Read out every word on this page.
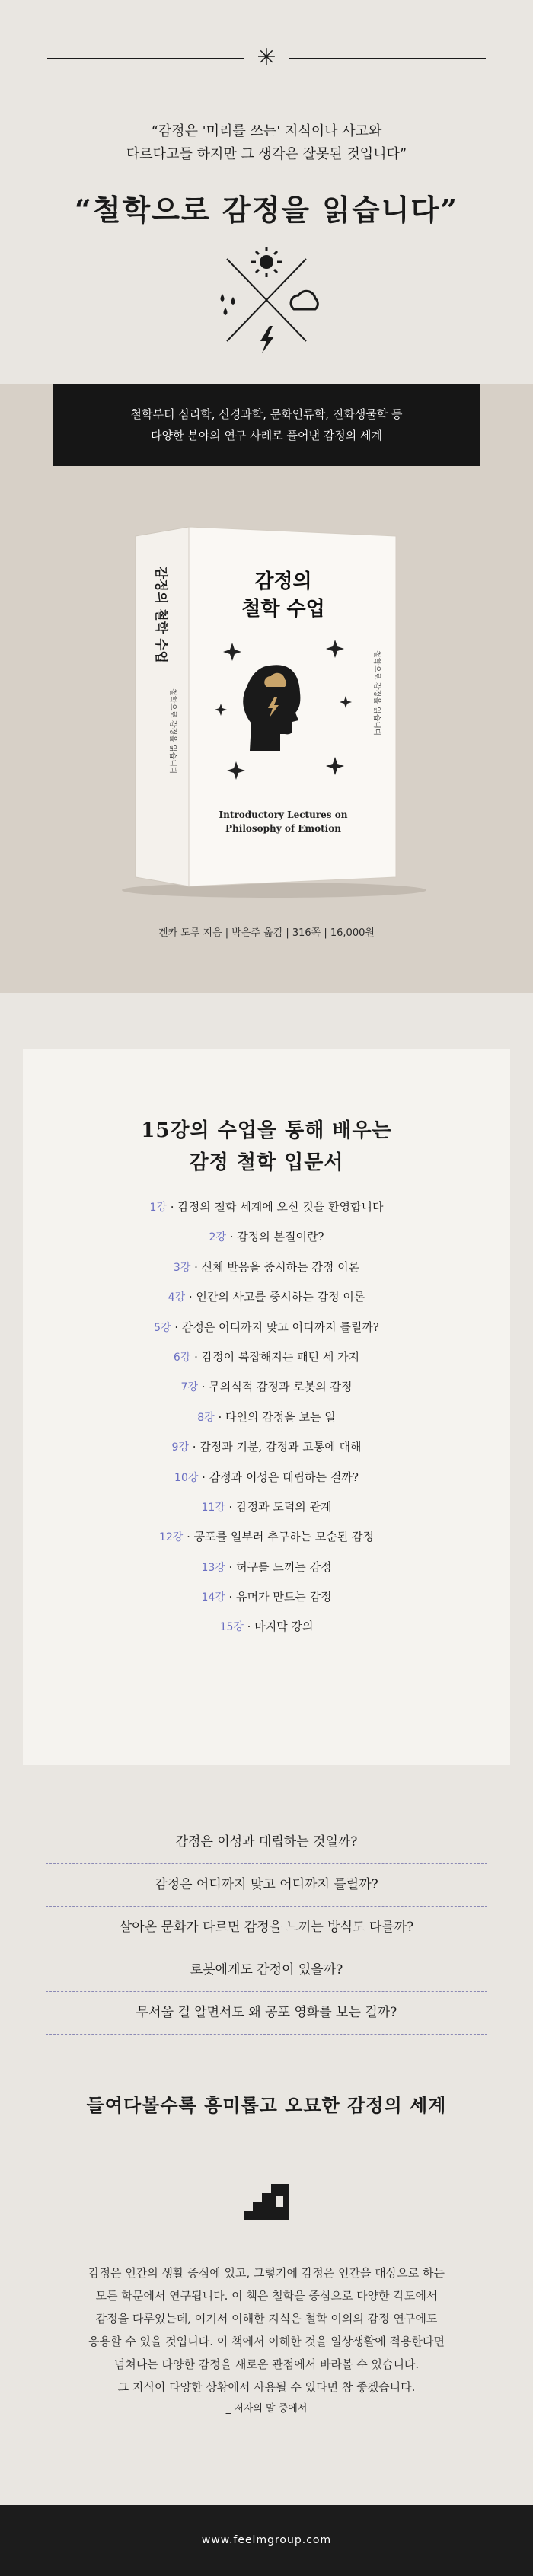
✳
“감정은 '머리를 쓰는' 지식이나 사고와
다르다고들 하지만 그 생각은 잘못된 것입니다”
“철학으로 감정을 읽습니다”
철학부터 심리학, 신경과학, 문화인류학, 진화생물학 등
다양한 분야의 연구 사례로 풀어낸 감정의 세계
감정의 철학 수업
철학으로 감정을 읽습니다
감정의
철학 수업
Introductory Lectures on
Philosophy of Emotion
철학으로 감정을 읽습니다
겐카 도루 지음 | 박은주 옮김 | 316쪽 | 16,000원
15강의 수업을 통해 배우는
감정 철학 입문서
1강 · 감정의 철학 세계에 오신 것을 환영합니다
2강 · 감정의 본질이란?
3강 · 신체 반응을 중시하는 감정 이론
4강 · 인간의 사고를 중시하는 감정 이론
5강 · 감정은 어디까지 맞고 어디까지 틀릴까?
6강 · 감정이 복잡해지는 패턴 세 가지
7강 · 무의식적 감정과 로봇의 감정
8강 · 타인의 감정을 보는 일
9강 · 감정과 기분, 감정과 고통에 대해
10강 · 감정과 이성은 대립하는 걸까?
11강 · 감정과 도덕의 관계
12강 · 공포를 일부러 추구하는 모순된 감정
13강 · 허구를 느끼는 감정
14강 · 유머가 만드는 감정
15강 · 마지막 강의
감정은 이성과 대립하는 것일까?
감정은 어디까지 맞고 어디까지 틀릴까?
살아온 문화가 다르면 감정을 느끼는 방식도 다를까?
로봇에게도 감정이 있을까?
무서울 걸 알면서도 왜 공포 영화를 보는 걸까?
들여다볼수록 흥미롭고 오묘한 감정의 세계
감정은 인간의 생활 중심에 있고, 그렇기에 감정은 인간을 대상으로 하는
모든 학문에서 연구됩니다. 이 책은 철학을 중심으로 다양한 각도에서
감정을 다루었는데, 여기서 이해한 지식은 철학 이외의 감정 연구에도
응용할 수 있을 것입니다. 이 책에서 이해한 것을 일상생활에 적용한다면
넘쳐나는 다양한 감정을 새로운 관점에서 바라볼 수 있습니다.
그 지식이 다양한 상황에서 사용될 수 있다면 참 좋겠습니다.
_ 저자의 말 중에서
www.feelmgroup.com
